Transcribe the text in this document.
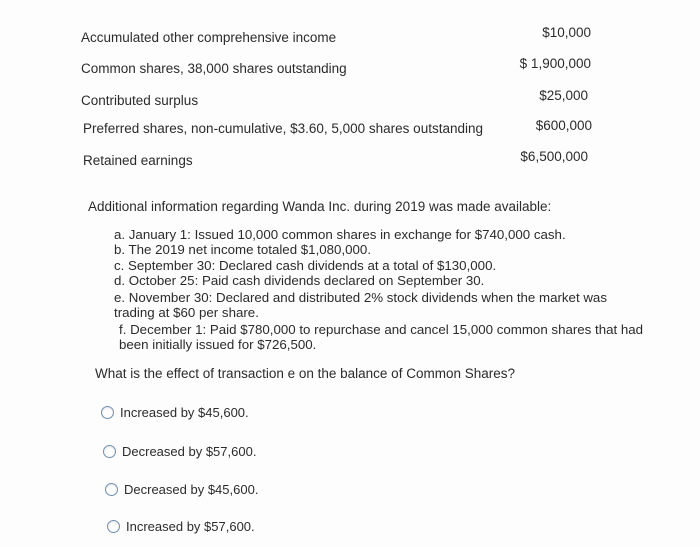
Accumulated other comprehensive income	$10,000
Common shares, 38,000 shares outstanding	$ 1,900,000
Contributed surplus	$25,000
Preferred shares, non-cumulative, $3.60, 5,000 shares outstanding	$600,000
Retained earnings	$6,500,000
Additional information regarding Wanda Inc. during 2019 was made available:
a. January 1: Issued 10,000 common shares in exchange for $740,000 cash.
b. The 2019 net income totaled $1,080,000.
c. September 30: Declared cash dividends at a total of $130,000.
d. October 25: Paid cash dividends declared on September 30.
e. November 30: Declared and distributed 2% stock dividends when the market was trading at $60 per share.
f. December 1: Paid $780,000 to repurchase and cancel 15,000 common shares that had been initially issued for $726,500.
What is the effect of transaction e on the balance of Common Shares?
Increased by $45,600.
Decreased by $57,600.
Decreased by $45,600.
Increased by $57,600.
